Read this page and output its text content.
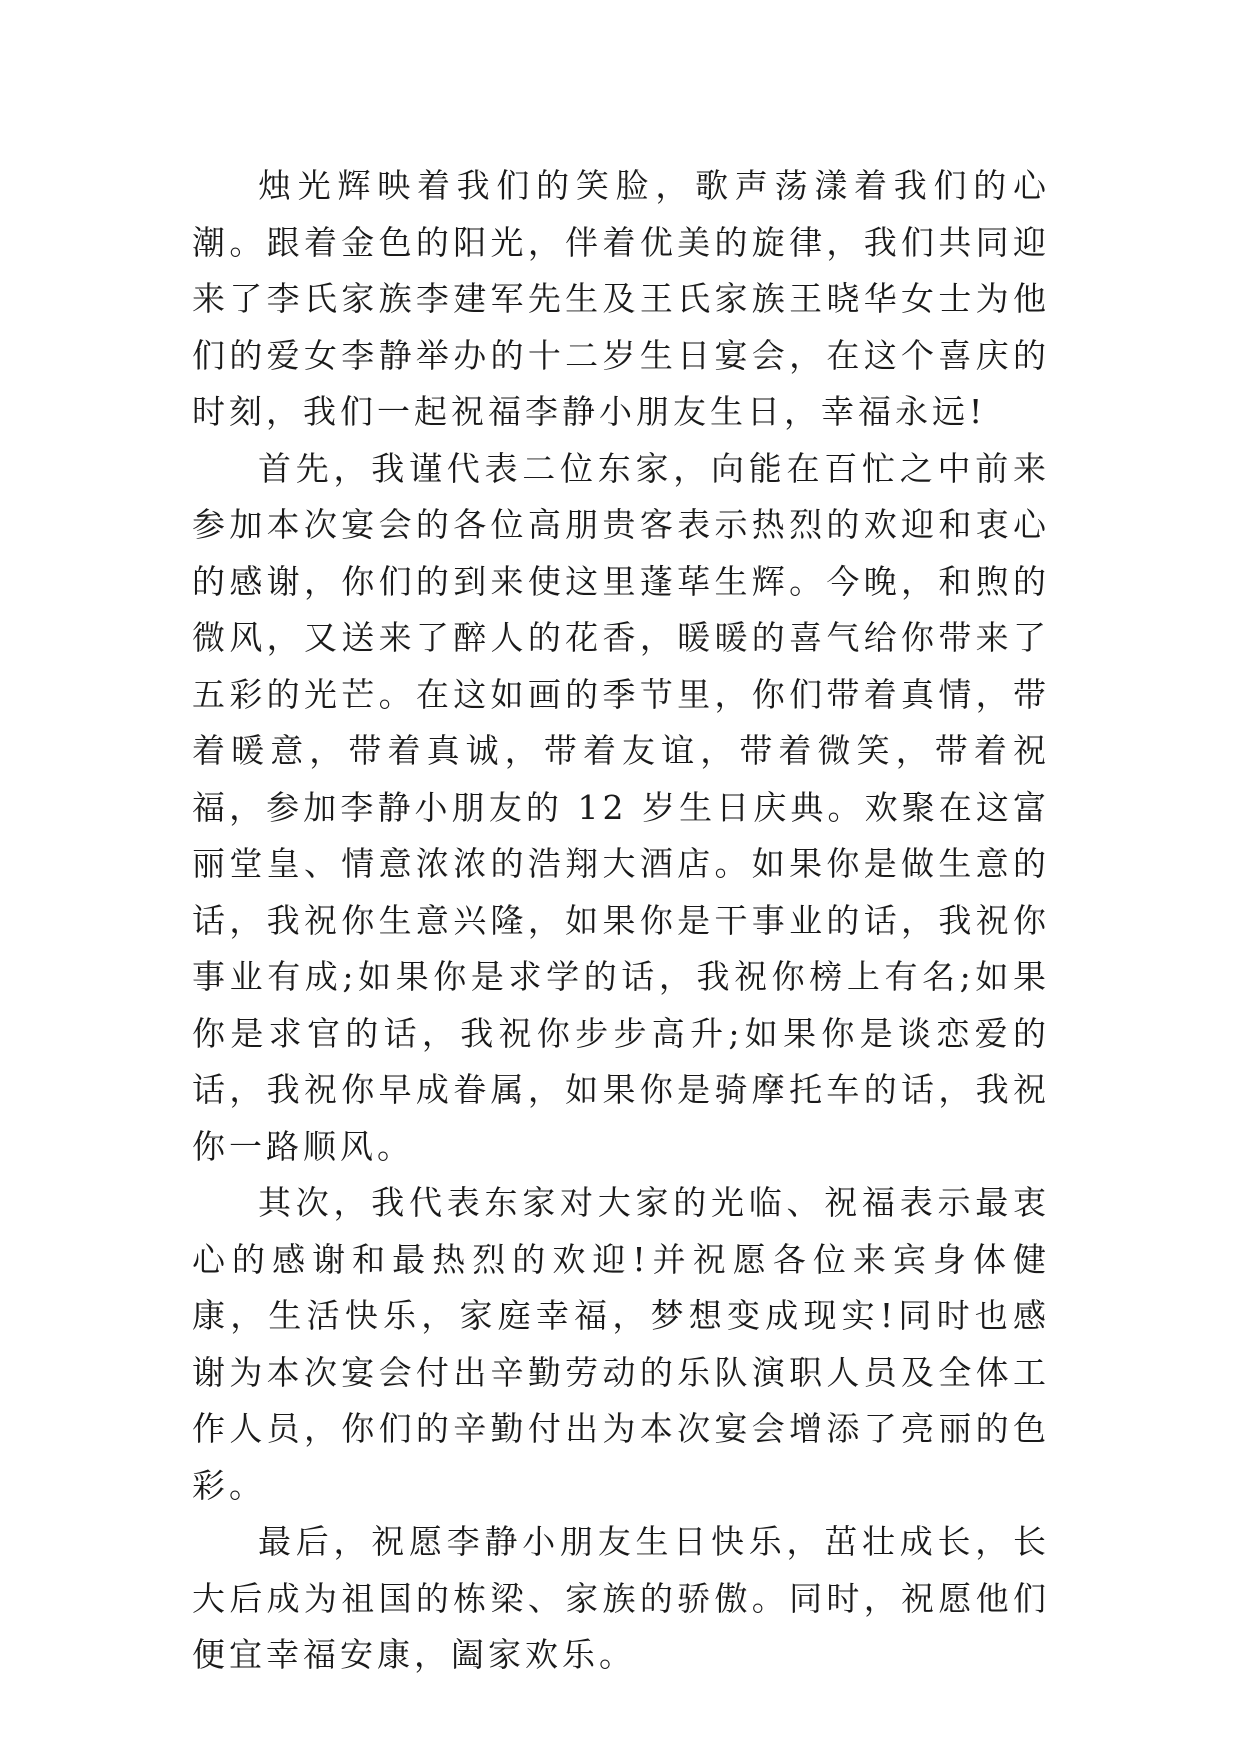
烛光辉映着我们的笑脸，歌声荡漾着我们的心潮。跟着金色的阳光，伴着优美的旋律，我们共同迎来了李氏家族李建军先生及王氏家族王晓华女士为他们的爱女李静举办的十二岁生日宴会，在这个喜庆的时刻，我们一起祝福李静小朋友生日，幸福永远!

首先，我谨代表二位东家，向能在百忙之中前来参加本次宴会的各位高朋贵客表示热烈的欢迎和衷心的感谢，你们的到来使这里蓬荜生辉。今晚，和煦的微风，又送来了醉人的花香，暖暖的喜气给你带来了五彩的光芒。在这如画的季节里，你们带着真情，带着暖意，带着真诚，带着友谊，带着微笑，带着祝福，参加李静小朋友的 12 岁生日庆典。欢聚在这富丽堂皇、情意浓浓的浩翔大酒店。如果你是做生意的话，我祝你生意兴隆，如果你是干事业的话，我祝你事业有成;如果你是求学的话，我祝你榜上有名;如果你是求官的话，我祝你步步高升;如果你是谈恋爱的话，我祝你早成眷属，如果你是骑摩托车的话，我祝你一路顺风。

其次，我代表东家对大家的光临、祝福表示最衷心的感谢和最热烈的欢迎!并祝愿各位来宾身体健康，生活快乐，家庭幸福，梦想变成现实!同时也感谢为本次宴会付出辛勤劳动的乐队演职人员及全体工作人员，你们的辛勤付出为本次宴会增添了亮丽的色彩。

最后，祝愿李静小朋友生日快乐，茁壮成长，长大后成为祖国的栋梁、家族的骄傲。同时，祝愿他们便宜幸福安康，阖家欢乐。
